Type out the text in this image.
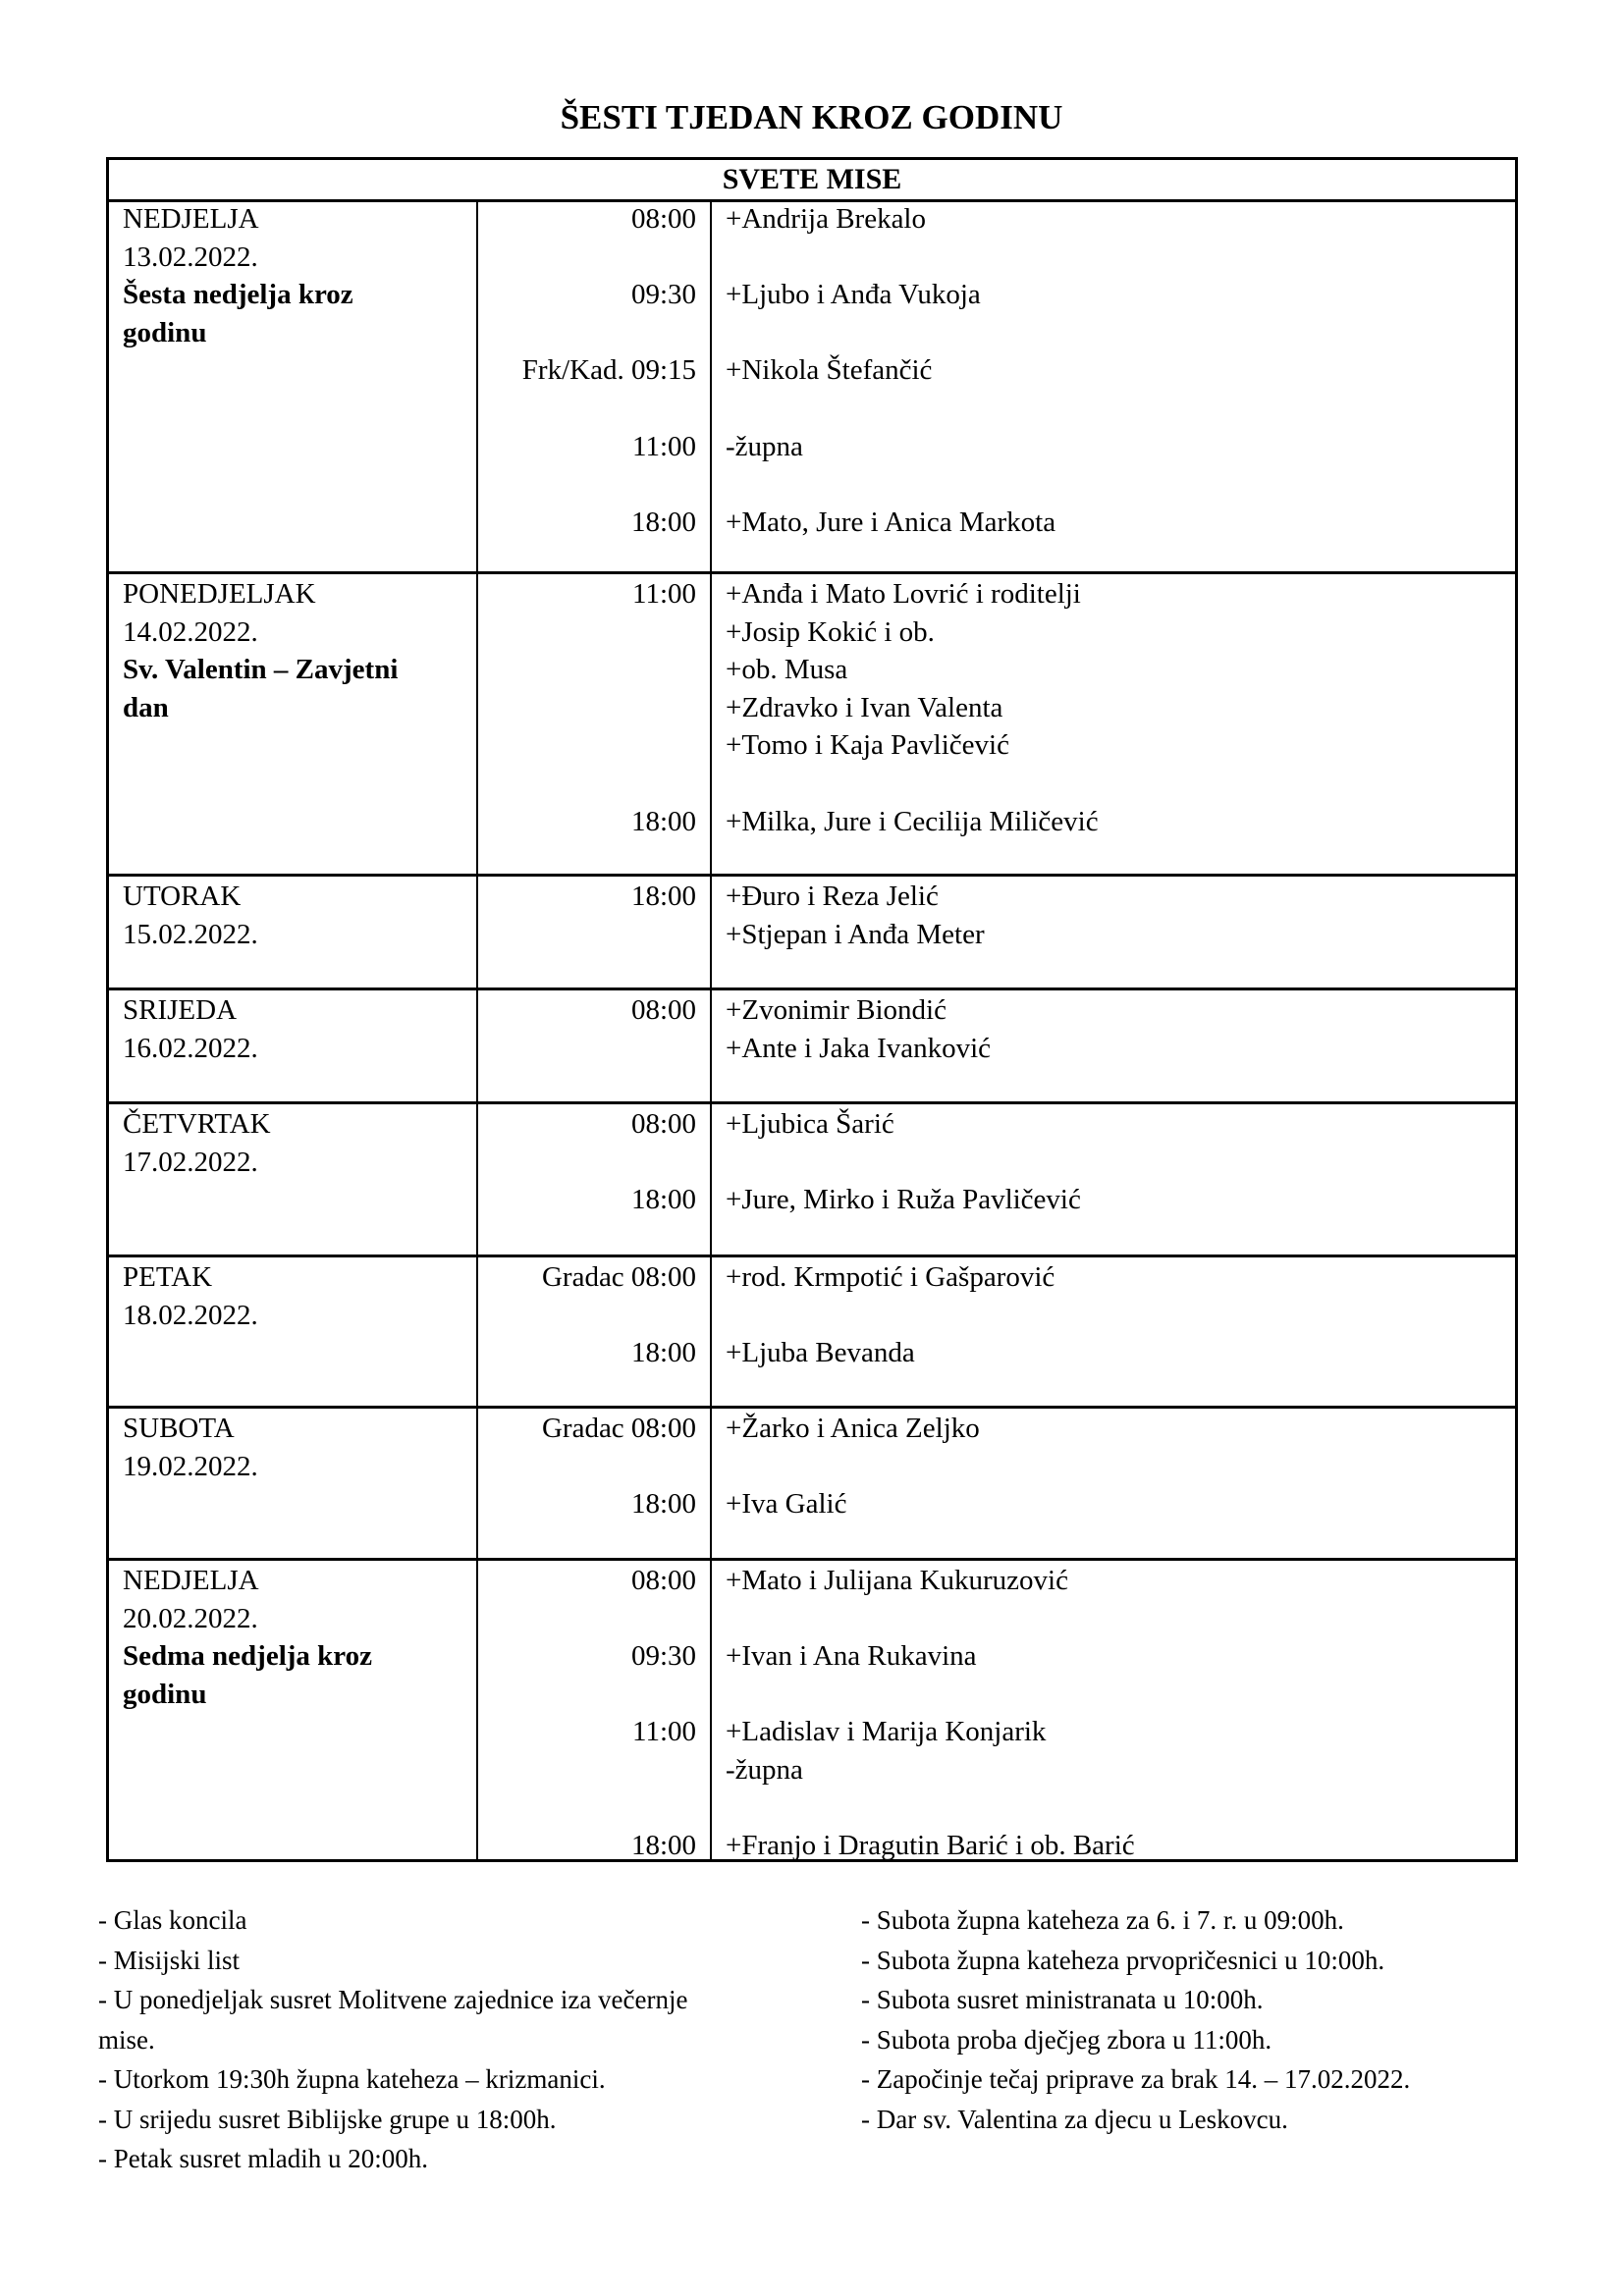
ŠESTI TJEDAN KROZ GODINU
SVETE MISE
NEDJELJA
13.02.2022.
Šesta nedjelja kroz godinu
08:00
09:30
Frk/Kad. 09:15
11:00
18:00
+Andrija Brekalo
+Ljubo i Anđa Vukoja
+Nikola Štefančić
-župna
+Mato, Jure i Anica Markota
PONEDJELJAK
14.02.2022.
Sv. Valentin – Zavjetni dan
11:00
18:00
+Anđa i Mato Lovrić i roditelji
+Josip Kokić i ob.
+ob. Musa
+Zdravko i Ivan Valenta
+Tomo i Kaja Pavličević
+Milka, Jure i Cecilija Miličević
UTORAK
15.02.2022.
18:00 +Đuro i Reza Jelić
+Stjepan i Anđa Meter
SRIJEDA
16.02.2022.
08:00 +Zvonimir Biondić
+Ante i Jaka Ivanković
ČETVRTAK
17.02.2022.
08:00
18:00
+Ljubica Šarić
+Jure, Mirko i Ruža Pavličević
PETAK
18.02.2022.
Gradac 08:00
18:00
+rod. Krmpotić i Gašparović
+Ljuba Bevanda
SUBOTA
19.02.2022.
Gradac 08:00
18:00
+Žarko i Anica Zeljko
+Iva Galić
NEDJELJA
20.02.2022.
Sedma nedjelja kroz godinu
08:00
09:30
11:00
18:00
+Mato i Julijana Kukuruzović
+Ivan i Ana Rukavina
+Ladislav i Marija Konjarik
-župna
+Franjo i Dragutin Barić i ob. Barić
- Glas koncila
- Misijski list
- U ponedjeljak susret Molitvene zajednice iza večernje mise.
- Utorkom 19:30h župna kateheza – krizmanici.
- U srijedu susret Biblijske grupe u 18:00h.
- Petak susret mladih u 20:00h.
- Subota župna kateheza za 6. i 7. r. u 09:00h.
- Subota župna kateheza prvopričesnici u 10:00h.
- Subota susret ministranata u 10:00h.
- Subota proba dječjeg zbora u 11:00h.
- Započinje tečaj priprave za brak 14. – 17.02.2022.
- Dar sv. Valentina za djecu u Leskovcu.
